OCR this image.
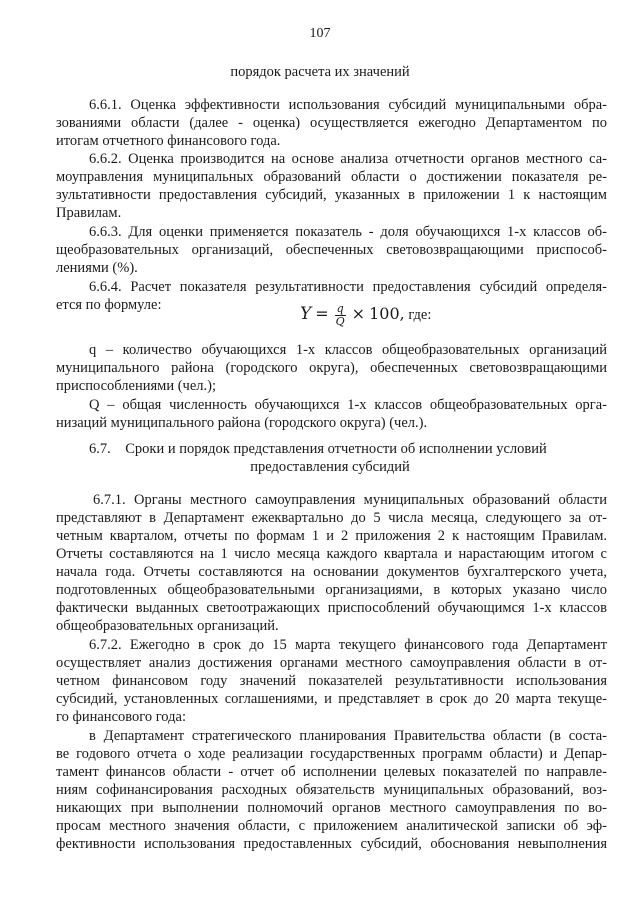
107
порядок расчета их значений
6.6.1. Оценка эффективности использования субсидий муниципальными обра-
зованиями области (далее - оценка) осуществляется ежегодно Департаментом по
итогам отчетного финансового года.
6.6.2. Оценка производится на основе анализа отчетности органов местного са-
моуправления муниципальных образований области о достижении показателя ре-
зультативности предоставления субсидий, указанных в приложении 1 к настоящим
Правилам.
6.6.3. Для оценки применяется показатель - доля обучающихся 1-х классов об-
щеобразовательных организаций, обеспеченных световозвращающими приспособ-
лениями (%).
6.6.4. Расчет показателя результативности предоставления субсидий определя-
ется по формуле:	$Y = \frac{q}{Q} \times 100$, где:
q – количество обучающихся 1-х классов общеобразовательных организаций
муниципального района (городского округа), обеспеченных световозвращающими
приспособлениями (чел.);
Q – общая численность обучающихся 1-х классов общеобразовательных орга-
низаций муниципального района (городского округа) (чел.).
6.7.    Сроки и порядок представления отчетности об исполнении условий
предоставления субсидий
6.7.1. Органы местного самоуправления муниципальных образований области
представляют в Департамент ежеквартально до 5 числа месяца, следующего за от-
четным кварталом, отчеты по формам 1 и 2 приложения 2 к настоящим Правилам.
Отчеты составляются на 1 число месяца каждого квартала и нарастающим итогом с
начала года. Отчеты составляются на основании документов бухгалтерского учета,
подготовленных общеобразовательными организациями, в которых указано число
фактически выданных светоотражающих приспособлений обучающимся 1-х классов
общеобразовательных организаций.
6.7.2. Ежегодно в срок до 15 марта текущего финансового года Департамент
осуществляет анализ достижения органами местного самоуправления области в от-
четном финансовом году значений показателей результативности использования
субсидий, установленных соглашениями, и представляет в срок до 20 марта текуще-
го финансового года:
в Департамент стратегического планирования Правительства области (в соста-
ве годового отчета о ходе реализации государственных программ области) и Депар-
тамент финансов области - отчет об исполнении целевых показателей по направле-
ниям софинансирования расходных обязательств муниципальных образований, воз-
никающих при выполнении полномочий органов местного самоуправления по во-
просам местного значения области, с приложением аналитической записки об эф-
фективности использования предоставленных субсидий, обоснования невыполнения
